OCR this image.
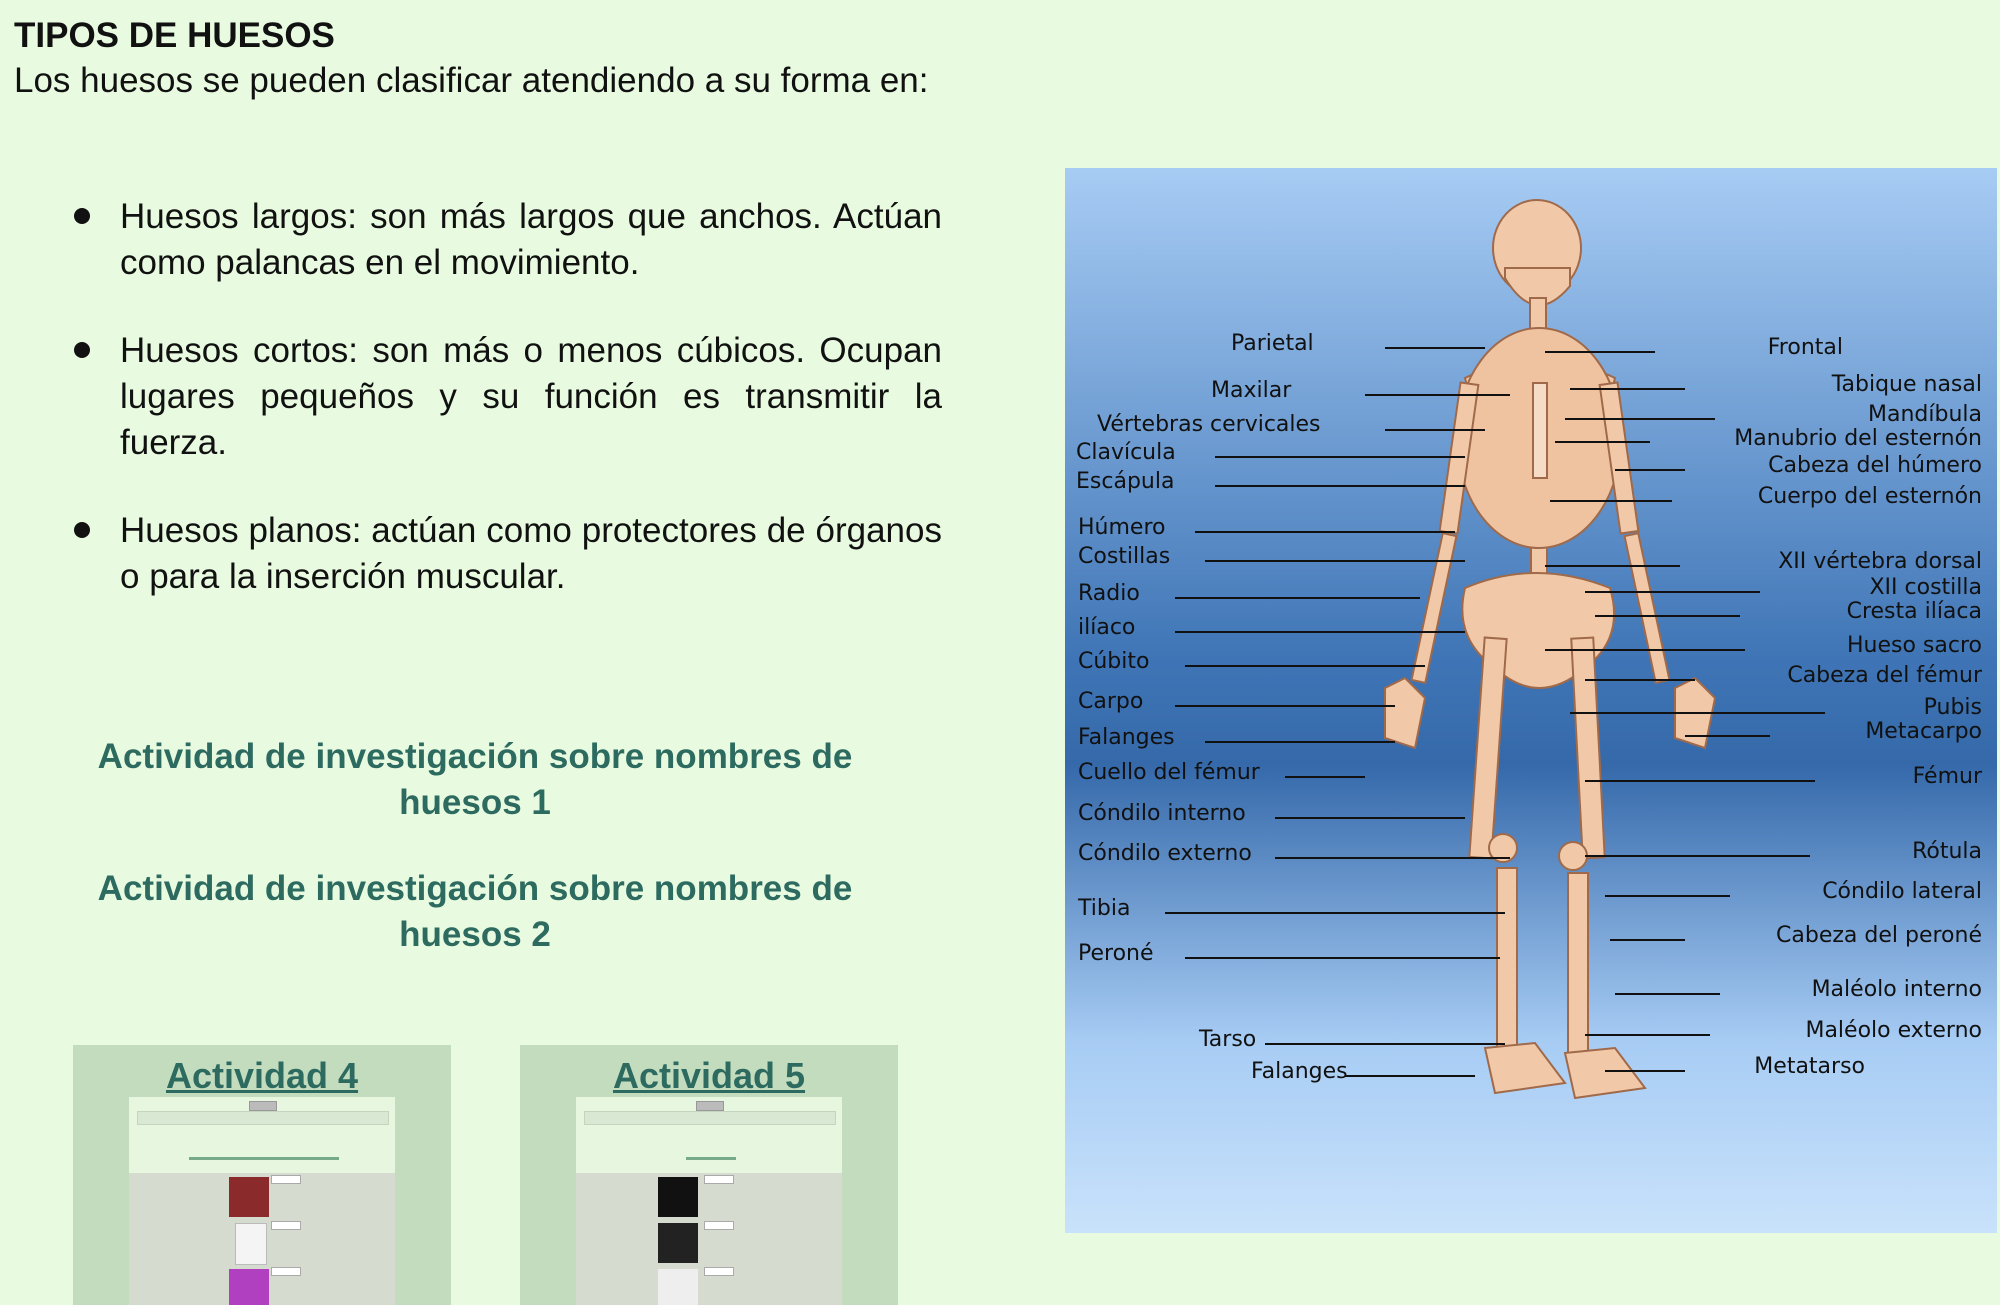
TIPOS DE HUESOS

Los huesos se pueden clasificar atendiendo a su forma en:

Huesos largos: son más largos que anchos. Actúan como palancas en el movimiento.
Huesos cortos: son más o menos cúbicos. Ocupan lugares pequeños y su función es transmitir la fuerza.
Huesos planos: actúan como protectores de órganos o para la inserción muscular.
Actividad de investigación sobre nombres de huesos 1
Actividad de investigación sobre nombres de huesos 2
Actividad 4	Actividad 5
Parietal
Maxilar
Vértebras cervicales
Clavícula
Escápula
Húmero
Costillas
Radio
ilíaco
Cúbito
Carpo
Falanges
Cuello del fémur
Cóndilo interno
Cóndilo externo
Tibia
Peroné
Tarso
Falanges
Frontal
Tabique nasal
Mandíbula
Manubrio del esternón
Cabeza del húmero
Cuerpo del esternón
XII vértebra dorsal
XII costilla
Cresta ilíaca
Hueso sacro
Cabeza del fémur
Pubis
Metacarpo
Fémur
Rótula
Cóndilo lateral
Cabeza del peroné
Maléolo interno
Maléolo externo
Metatarso
